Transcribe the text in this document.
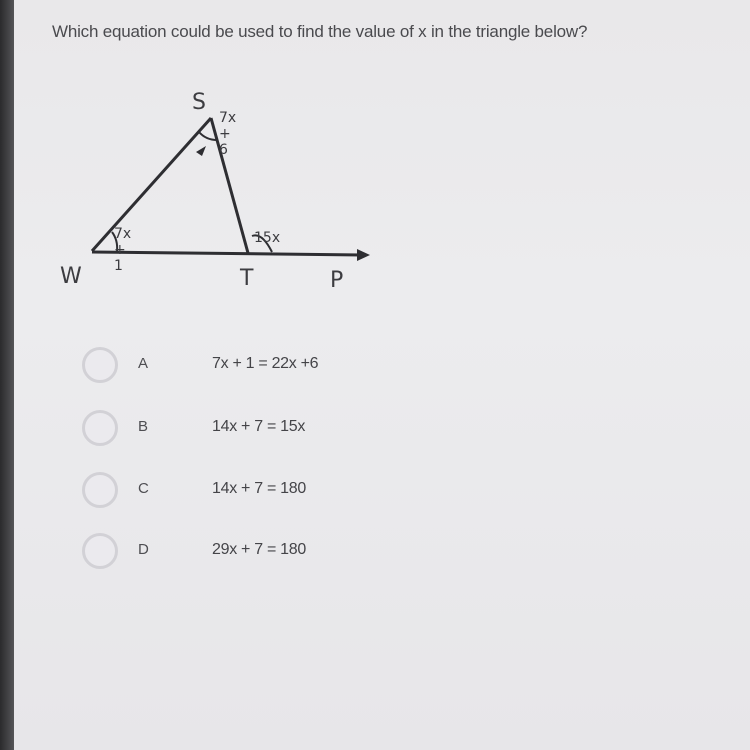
Which equation could be used to find the value of x in the triangle below?
S
W	T	P
7x + 6
7x + 1
15x
A	7x + 1 = 22x +6
B	14x + 7 = 15x
C	14x + 7 = 180
D	29x + 7 = 180
